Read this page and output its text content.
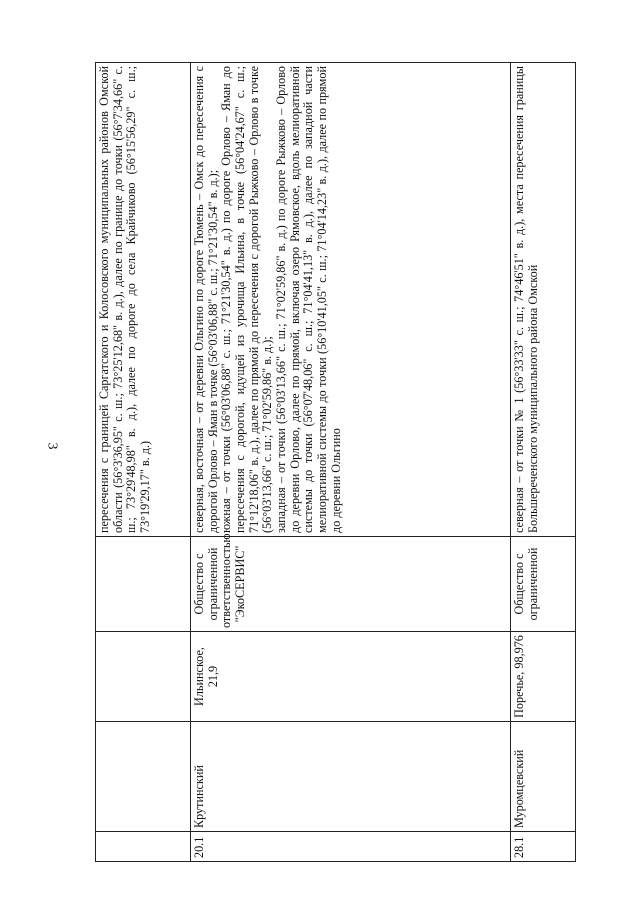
3

				пересечения с границей Саргатского и Колосовского муниципальных районов Омской области (56°3'36,95" с. ш.; 73°25'12,68" в. д.), далее по границе до точки (56°7'34,66" с. ш.; 73°29'48,98" в. д.), далее по дороге до села Крайчиково (56°15'56,29" с. ш.; 73°19'29,17" в. д.)

20.1	Крутинский	Ильинское, 21,9	Общество с ограниченной ответственностью "ЭкоСЕРВИС"	северная, восточная – от деревни Ольгино по дороге Тюмень – Омск до пересечения с дорогой Орлово – Яман в точке (56°03'06,88" с. ш.; 71°21'30,54" в. д.); южная – от точки (56°03'06,88" с. ш.; 71°21'30,54" в. д.) по дороге Орлово – Яман до пересечения с дорогой, идущей из урочища Ильина, в точке (56°04'24,67" с. ш.; 71°12'18,06" в. д.), далее по прямой до пересечения с дорогой Рыжково – Орлово в точке (56°03'13,66" с. ш.; 71°02'59,86" в. д.); западная – от точки (56°03'13,66" с. ш.; 71°02'59,86" в. д.) по дороге Рыжково – Орлово до деревни Орлово, далее по прямой, включая озеро Рямовское, вдоль мелиоративной системы до точки (56°07'48,06" с. ш.; 71°04'41,13" в. д.), далее по западной части мелиоративной системы до точки (56°10'41,05" с. ш.; 71°04'14,23" в. д.), далее по прямой до деревни Ольгино

28.1	Муромцевский	Поречье, 98,976	Общество с ограниченной	северная – от точки № 1 (56°33'33" с. ш.; 74°46'51" в. д.), места пересечения границы Большереченского муниципального района Омской
